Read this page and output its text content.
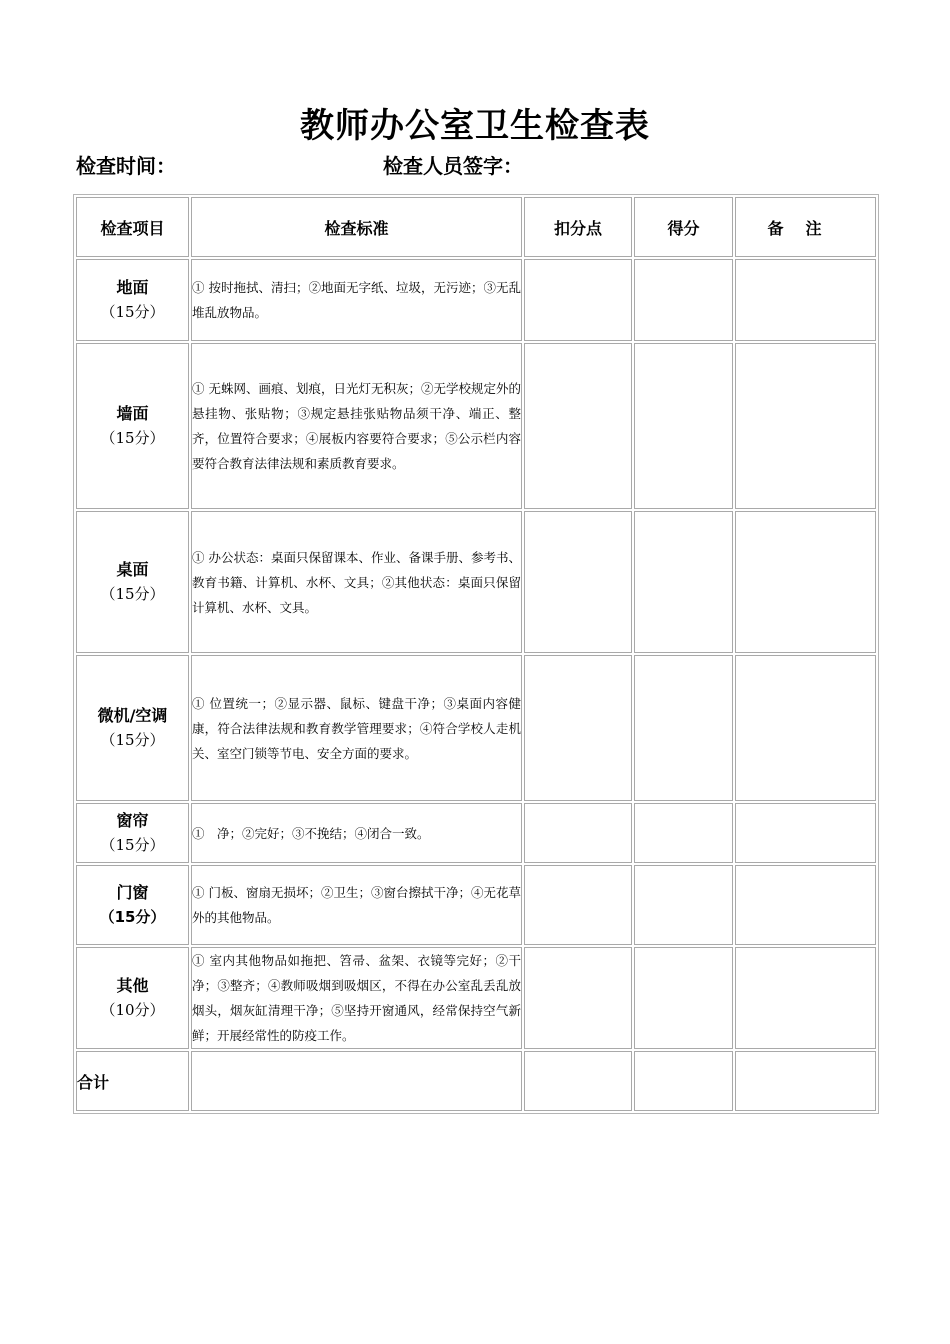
教师办公室卫生检查表
检查时间：	检查人员签字：
检查项目	检查标准	扣分点	得分	备注

地面
（15分）	① 按时拖拭、清扫；②地面无字纸、垃圾，无污迹；③无乱堆乱放物品。			

墙面
（15分）	① 无蛛网、画痕、划痕，日光灯无积灰；②无学校规定外的悬挂物、张贴物；③规定悬挂张贴物品须干净、端正、整齐，位置符合要求；④展板内容要符合要求；⑤公示栏内容要符合教育法律法规和素质教育要求。			

桌面
（15分）	① 办公状态：桌面只保留课本、作业、备课手册、参考书、教育书籍、计算机、水杯、文具；②其他状态：桌面只保留计算机、水杯、文具。			

微机/空调
（15分）	① 位置统一；②显示器、鼠标、键盘干净；③桌面内容健康，符合法律法规和教育教学管理要求；④符合学校人走机关、室空门锁等节电、安全方面的要求。			

窗帘
（15分）	①　净；②完好；③不挽结；④闭合一致。			

门窗
（15分）	① 门板、窗扇无损坏；②卫生；③窗台擦拭干净；④无花草外的其他物品。			

其他
（10分）	① 室内其他物品如拖把、笤帚、盆架、衣镜等完好；②干净；③整齐；④教师吸烟到吸烟区，不得在办公室乱丢乱放烟头，烟灰缸清理干净；⑤坚持开窗通风，经常保持空气新鲜；开展经常性的防疫工作。			
合计				
